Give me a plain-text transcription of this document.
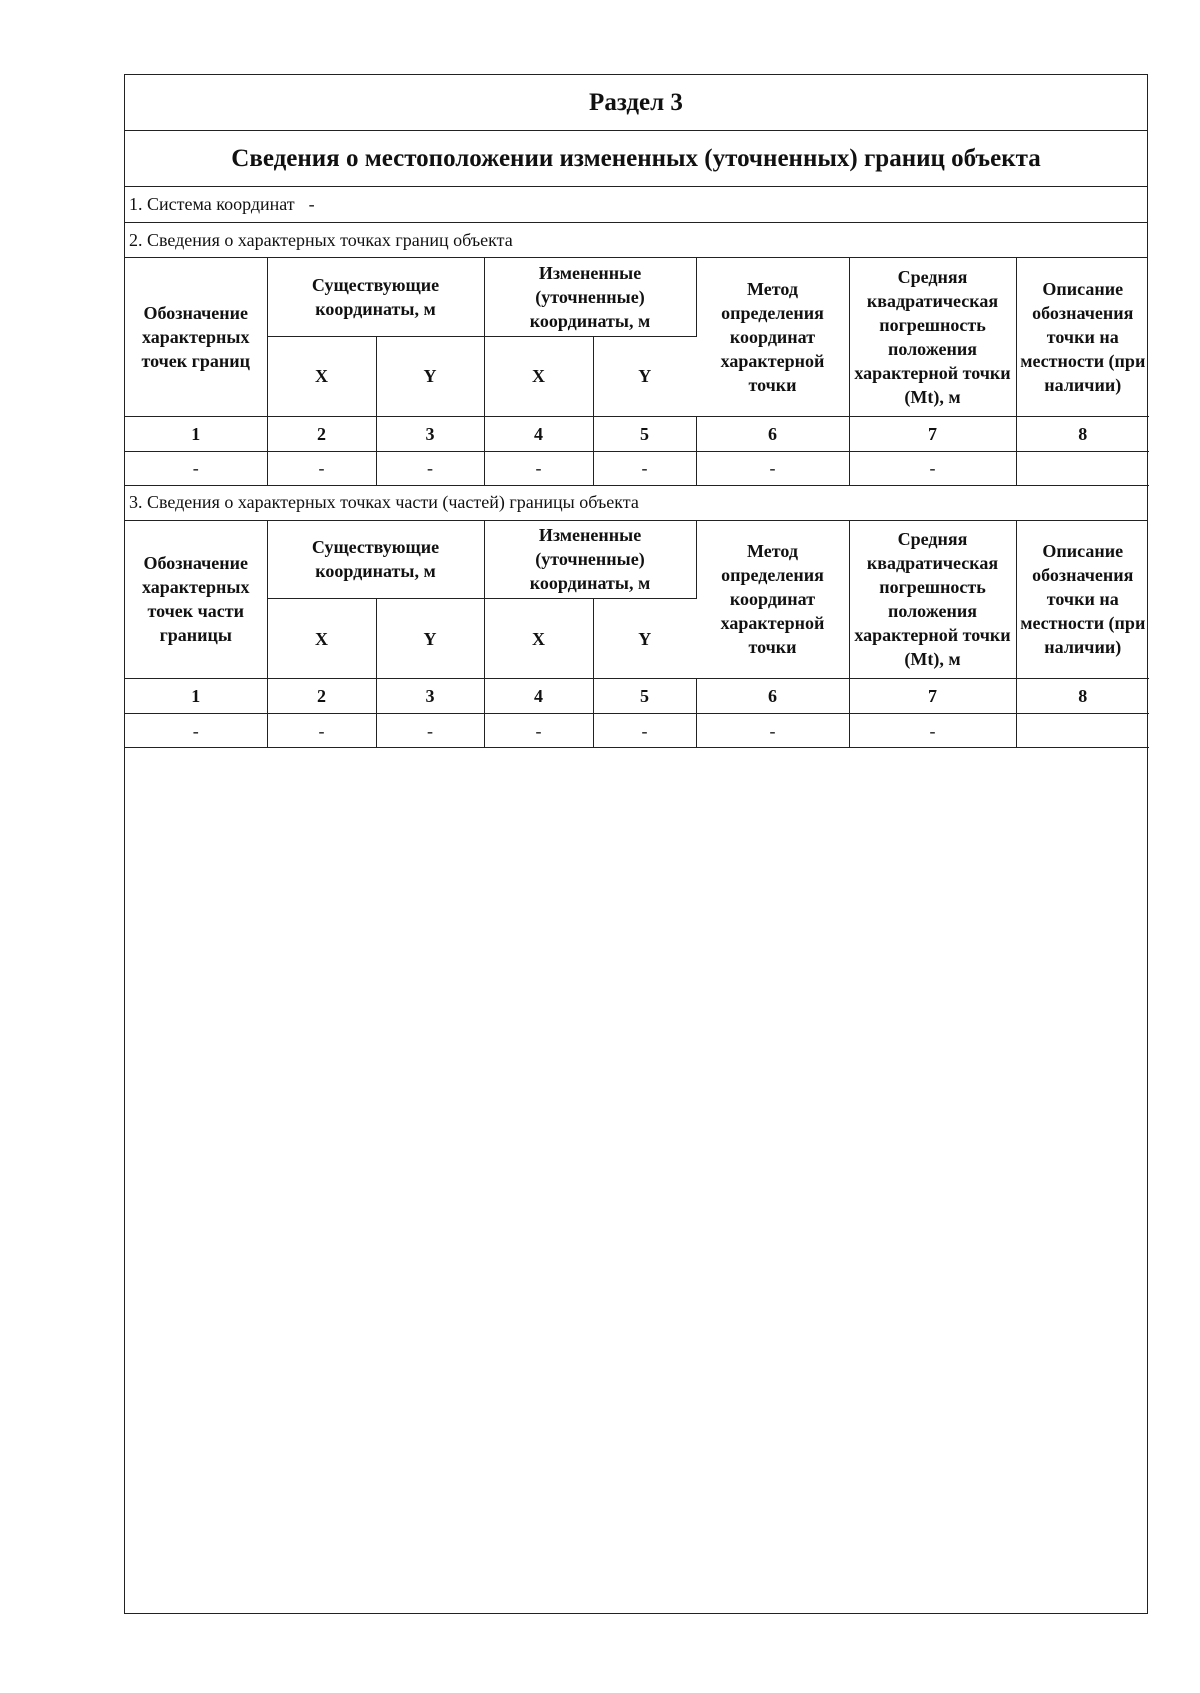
Раздел 3
Сведения о местоположении измененных (уточненных) границ объекта
1. Система координат -
2. Сведения о характерных точках границ объекта
Обозначение характерных точек границ	Существующие координаты, м		Измененные (уточненные) координаты, м		Метод определения координат характерной точки	Средняя квадратическая погрешность положения характерной точки (Mt), м	Описание обозначения точки на местности (при наличии)
	X	Y	X	Y			
1	2	3	4	5	6	7	8
-	-	-	-	-	-	-	
3. Сведения о характерных точках части (частей) границы объекта
Обозначение характерных точек части границы	Существующие координаты, м		Измененные (уточненные) координаты, м		Метод определения координат характерной точки	Средняя квадратическая погрешность положения характерной точки (Mt), м	Описание обозначения точки на местности (при наличии)
	X	Y	X	Y			
1	2	3	4	5	6	7	8
-	-	-	-	-	-	-	
